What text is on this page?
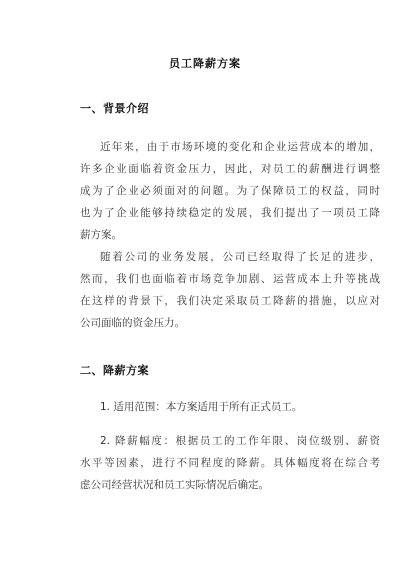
员工降薪方案
一、背景介绍
近年来，由于市场环境的变化和企业运营成本的增加，
许多企业面临着资金压力，因此，对员工的薪酬进行调整
成为了企业必须面对的问题。为了保障员工的权益，同时
也为了企业能够持续稳定的发展，我们提出了一项员工降
薪方案。
随着公司的业务发展，公司已经取得了长足的进步，
然而，我们也面临着市场竞争加剧、运营成本上升等挑战
在这样的背景下，我们决定采取员工降薪的措施，以应对
公司面临的资金压力。
二、降薪方案
1. 适用范围：本方案适用于所有正式员工。
2. 降薪幅度：根据员工的工作年限、岗位级别、薪资
水平等因素，进行不同程度的降薪。具体幅度将在综合考
虑公司经营状况和员工实际情况后确定。
